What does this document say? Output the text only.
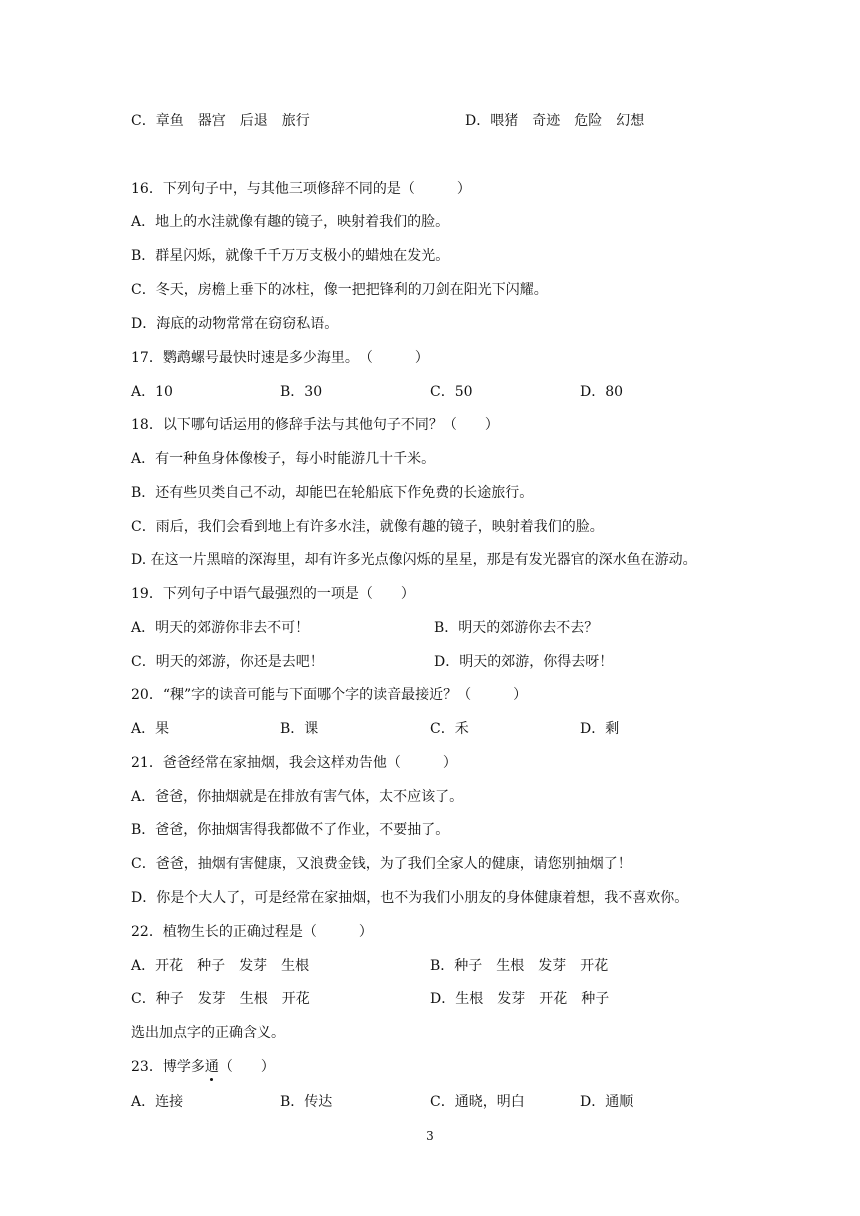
C．章鱼　器宫　后退　旅行	D．喂猪　奇迹　危险　幻想
16．下列句子中，与其他三项修辞不同的是（　　　）
A．地上的水洼就像有趣的镜子，映射着我们的脸。
B．群星闪烁，就像千千万万支极小的蜡烛在发光。
C．冬天，房檐上垂下的冰柱，像一把把锋利的刀剑在阳光下闪耀。
D．海底的动物常常在窃窃私语。
17．鹦鹉螺号最快时速是多少海里。　（　　　）
A．10	B．30	C．50	D．80
18．以下哪句话运用的修辞手法与其他句子不同？（　　）
A．有一种鱼身体像梭子，每小时能游几十千米。
B．还有些贝类自己不动，却能巴在轮船底下作免费的长途旅行。
C．雨后，我们会看到地上有许多水洼，就像有趣的镜子，映射着我们的脸。
D. 在这一片黑暗的深海里，却有许多光点像闪烁的星星，那是有发光器官的深水鱼在游动。
19．下列句子中语气最强烈的一项是（　　）
A．明天的郊游你非去不可！	B．明天的郊游你去不去？
C．明天的郊游，你还是去吧！	D．明天的郊游，你得去呀！
20．“稞”字的读音可能与下面哪个字的读音最接近？（　　　）
A．果	B．课	C．禾	D．剩
21．爸爸经常在家抽烟，我会这样劝告他（　　　）
A．爸爸，你抽烟就是在排放有害气体，太不应该了。
B．爸爸，你抽烟害得我都做不了作业，不要抽了。
C．爸爸，抽烟有害健康，又浪费金钱，为了我们全家人的健康，请您别抽烟了！
D．你是个大人了，可是经常在家抽烟，也不为我们小朋友的身体健康着想，我不喜欢你。
22．植物生长的正确过程是（　　　）
A．开花　种子　发芽　生根	B．种子　生根　发芽　开花
C．种子　发芽　生根　开花	D．生根　发芽　开花　种子
选出加点字的正确含义。
23．博学多通（　　）
A．连接	B．传达	C．通晓，明白	D．通顺
3
